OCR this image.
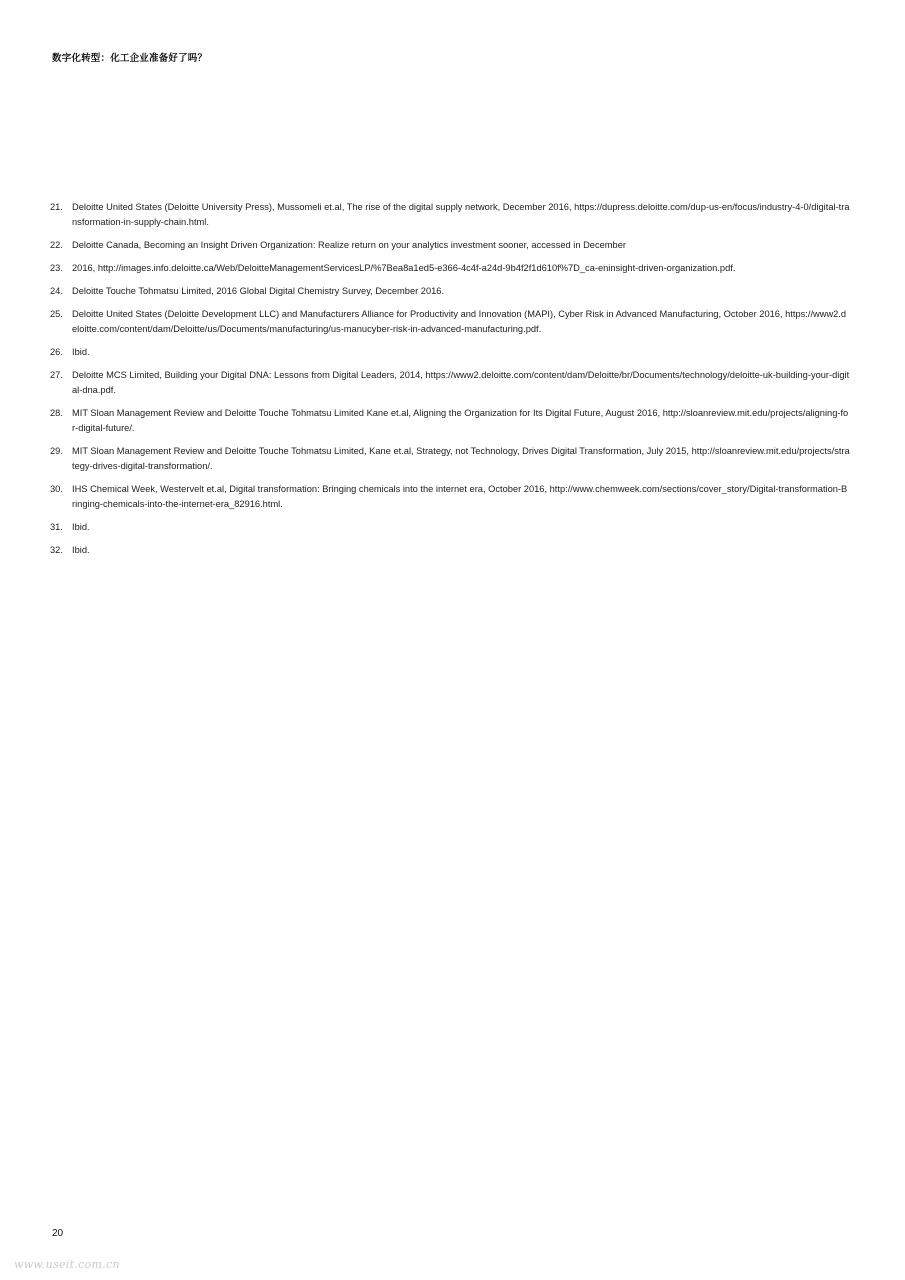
数字化转型：化工企业准备好了吗？
21. Deloitte United States (Deloitte University Press), Mussomeli et.al, The rise of the digital supply network, December 2016, https://dupress.deloitte.com/dup-us-en/focus/industry-4-0/digital-transformation-in-supply-chain.html.
22. Deloitte Canada, Becoming an Insight Driven Organization: Realize return on your analytics investment sooner, accessed in December
23. 2016, http://images.info.deloitte.ca/Web/DeloitteManagementServicesLP/%7Bea8a1ed5-e366-4c4f-a24d-9b4f2f1d610f%7D_ca-eninsight-driven-organization.pdf.
24. Deloitte Touche Tohmatsu Limited, 2016 Global Digital Chemistry Survey, December 2016.
25. Deloitte United States (Deloitte Development LLC) and Manufacturers Alliance for Productivity and Innovation (MAPI), Cyber Risk in Advanced Manufacturing, October 2016, https://www2.deloitte.com/content/dam/Deloitte/us/Documents/manufacturing/us-manucyber-risk-in-advanced-manufacturing.pdf.
26. Ibid.
27. Deloitte MCS Limited, Building your Digital DNA: Lessons from Digital Leaders, 2014, https://www2.deloitte.com/content/dam/Deloitte/br/Documents/technology/deloitte-uk-building-your-digital-dna.pdf.
28. MIT Sloan Management Review and Deloitte Touche Tohmatsu Limited Kane et.al, Aligning the Organization for Its Digital Future, August 2016, http://sloanreview.mit.edu/projects/aligning-for-digital-future/.
29. MIT Sloan Management Review and Deloitte Touche Tohmatsu Limited, Kane et.al, Strategy, not Technology, Drives Digital Transformation, July 2015, http://sloanreview.mit.edu/projects/strategy-drives-digital-transformation/.
30. IHS Chemical Week, Westervelt et.al, Digital transformation: Bringing chemicals into the internet era, October 2016, http://www.chemweek.com/sections/cover_story/Digital-transformation-Bringing-chemicals-into-the-internet-era_82916.html.
31. Ibid.
32. Ibid.
20
www.useit.com.cn
